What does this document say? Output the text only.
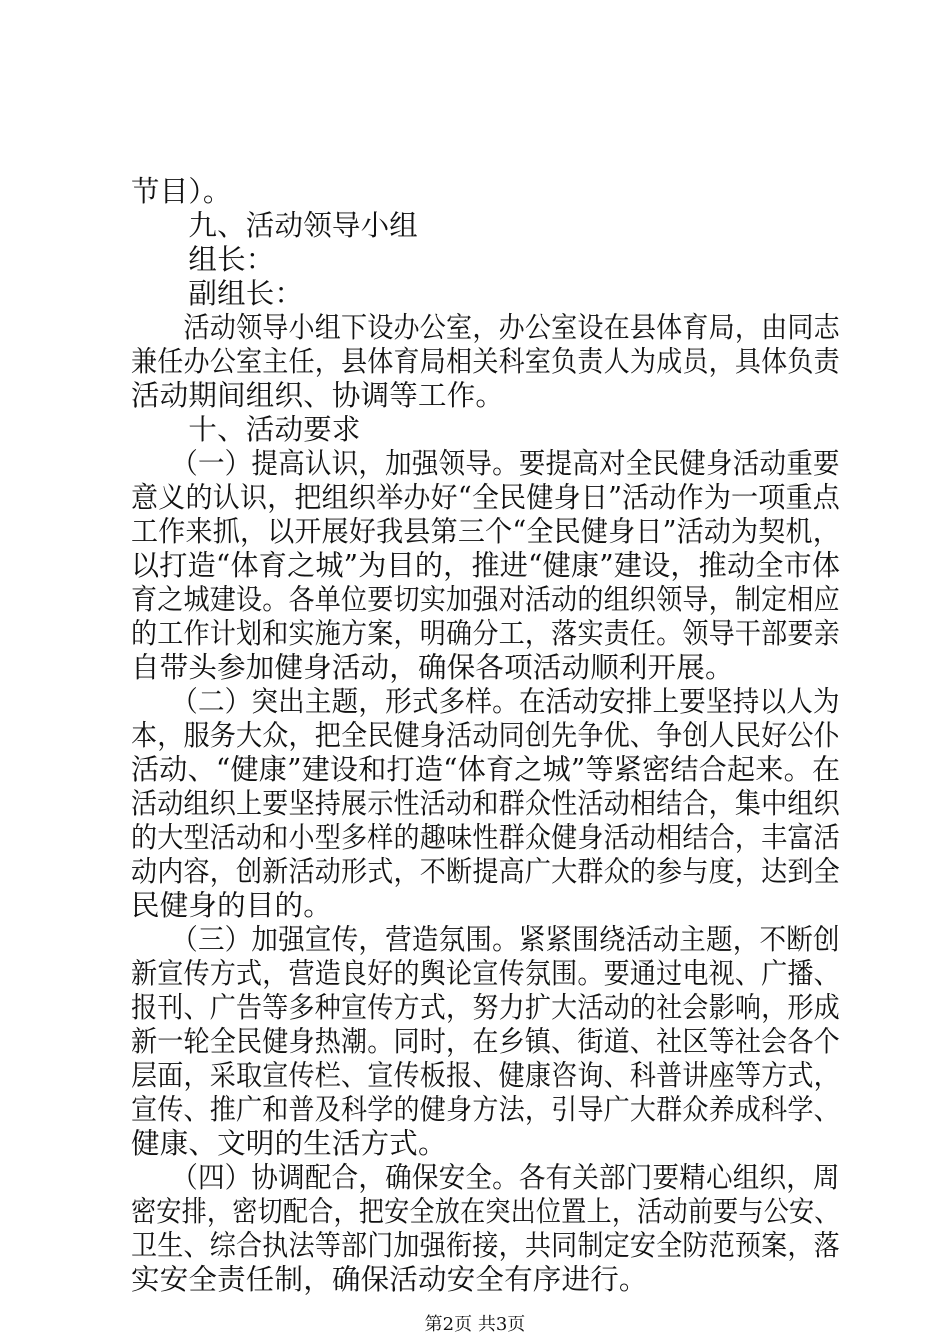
节目）。
　　九、活动领导小组
　　组长：
　　副组长：
　　活动领导小组下设办公室，办公室设在县体育局，由同志
兼任办公室主任，县体育局相关科室负责人为成员，具体负责
活动期间组织、协调等工作。
　　十、活动要求
　　（一）提高认识，加强领导。要提高对全民健身活动重要
意义的认识，把组织举办好“全民健身日”活动作为一项重点
工作来抓，以开展好我县第三个“全民健身日”活动为契机，
以打造“体育之城”为目的，推进“健康”建设，推动全市体
育之城建设。各单位要切实加强对活动的组织领导，制定相应
的工作计划和实施方案，明确分工，落实责任。领导干部要亲
自带头参加健身活动，确保各项活动顺利开展。
　　（二）突出主题，形式多样。在活动安排上要坚持以人为
本，服务大众，把全民健身活动同创先争优、争创人民好公仆
活动、“健康”建设和打造“体育之城”等紧密结合起来。在
活动组织上要坚持展示性活动和群众性活动相结合，集中组织
的大型活动和小型多样的趣味性群众健身活动相结合，丰富活
动内容，创新活动形式，不断提高广大群众的参与度，达到全
民健身的目的。
　　（三）加强宣传，营造氛围。紧紧围绕活动主题，不断创
新宣传方式，营造良好的舆论宣传氛围。要通过电视、广播、
报刊、广告等多种宣传方式，努力扩大活动的社会影响，形成
新一轮全民健身热潮。同时，在乡镇、街道、社区等社会各个
层面，采取宣传栏、宣传板报、健康咨询、科普讲座等方式，
宣传、推广和普及科学的健身方法，引导广大群众养成科学、
健康、文明的生活方式。
　　（四）协调配合，确保安全。各有关部门要精心组织，周
密安排，密切配合，把安全放在突出位置上，活动前要与公安、
卫生、综合执法等部门加强衔接，共同制定安全防范预案，落
实安全责任制，确保活动安全有序进行。
第2页 共3页
